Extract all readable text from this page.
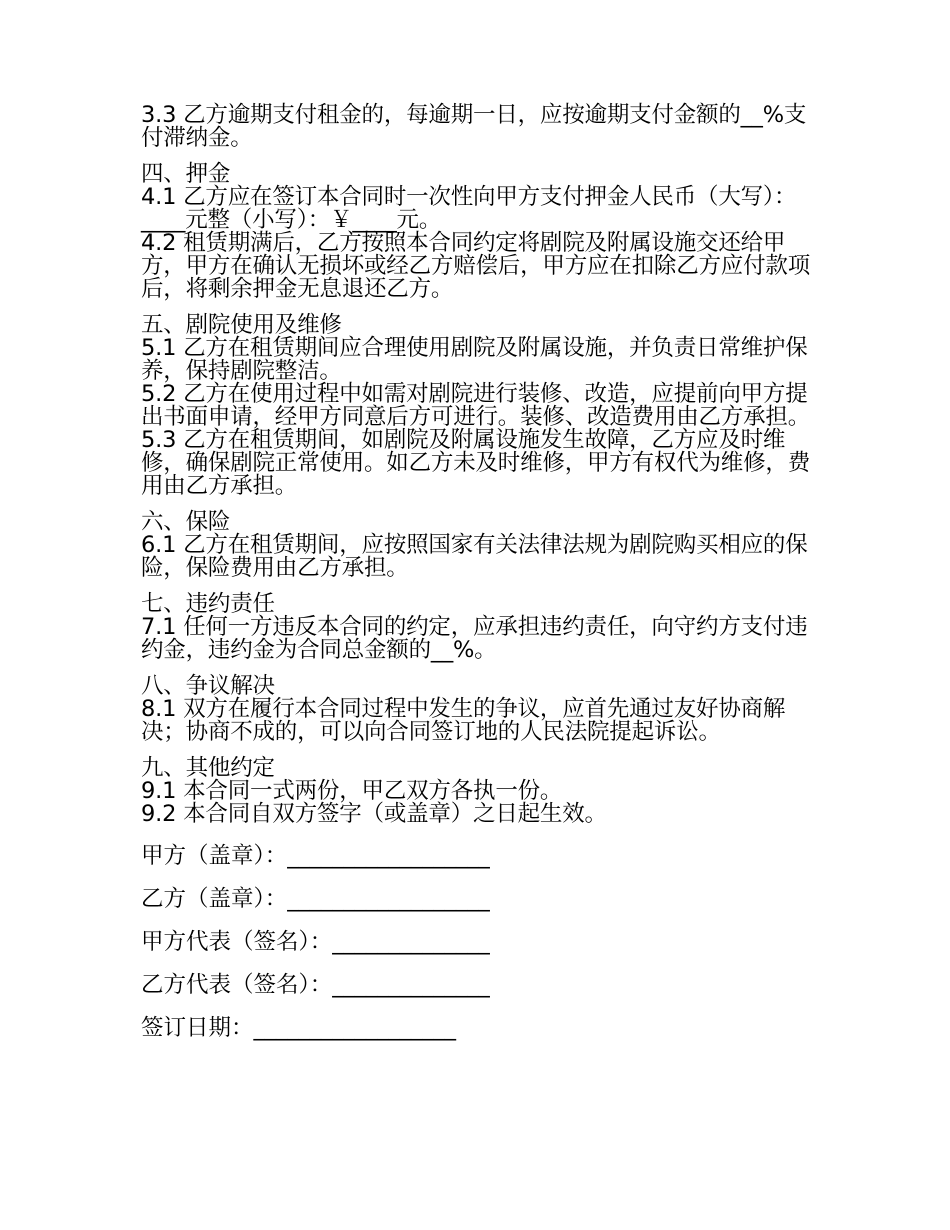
3.3 乙方逾期支付租金的，每逾期一日，应按逾期支付金额的__%支付滞纳金。

四、押金

4.1 乙方应在签订本合同时一次性向甲方支付押金人民币（大写）：____元整（小写）：￥____元。

4.2 租赁期满后，乙方按照本合同约定将剧院及附属设施交还给甲方，甲方在确认无损坏或经乙方赔偿后，甲方应在扣除乙方应付款项后，将剩余押金无息退还乙方。

五、剧院使用及维修

5.1 乙方在租赁期间应合理使用剧院及附属设施，并负责日常维护保养，保持剧院整洁。

5.2 乙方在使用过程中如需对剧院进行装修、改造，应提前向甲方提出书面申请，经甲方同意后方可进行。装修、改造费用由乙方承担。

5.3 乙方在租赁期间，如剧院及附属设施发生故障，乙方应及时维修，确保剧院正常使用。如乙方未及时维修，甲方有权代为维修，费用由乙方承担。

六、保险

6.1 乙方在租赁期间，应按照国家有关法律法规为剧院购买相应的保险，保险费用由乙方承担。

七、违约责任

7.1 任何一方违反本合同的约定，应承担违约责任，向守约方支付违约金，违约金为合同总金额的__%。

八、争议解决

8.1 双方在履行本合同过程中发生的争议，应首先通过友好协商解决；协商不成的，可以向合同签订地的人民法院提起诉讼。

九、其他约定

9.1 本合同一式两份，甲乙双方各执一份。

9.2 本合同自双方签字（或盖章）之日起生效。

甲方（盖章）：__________________

乙方（盖章）：__________________

甲方代表（签名）：______________

乙方代表（签名）：______________

签订日期：__________________
